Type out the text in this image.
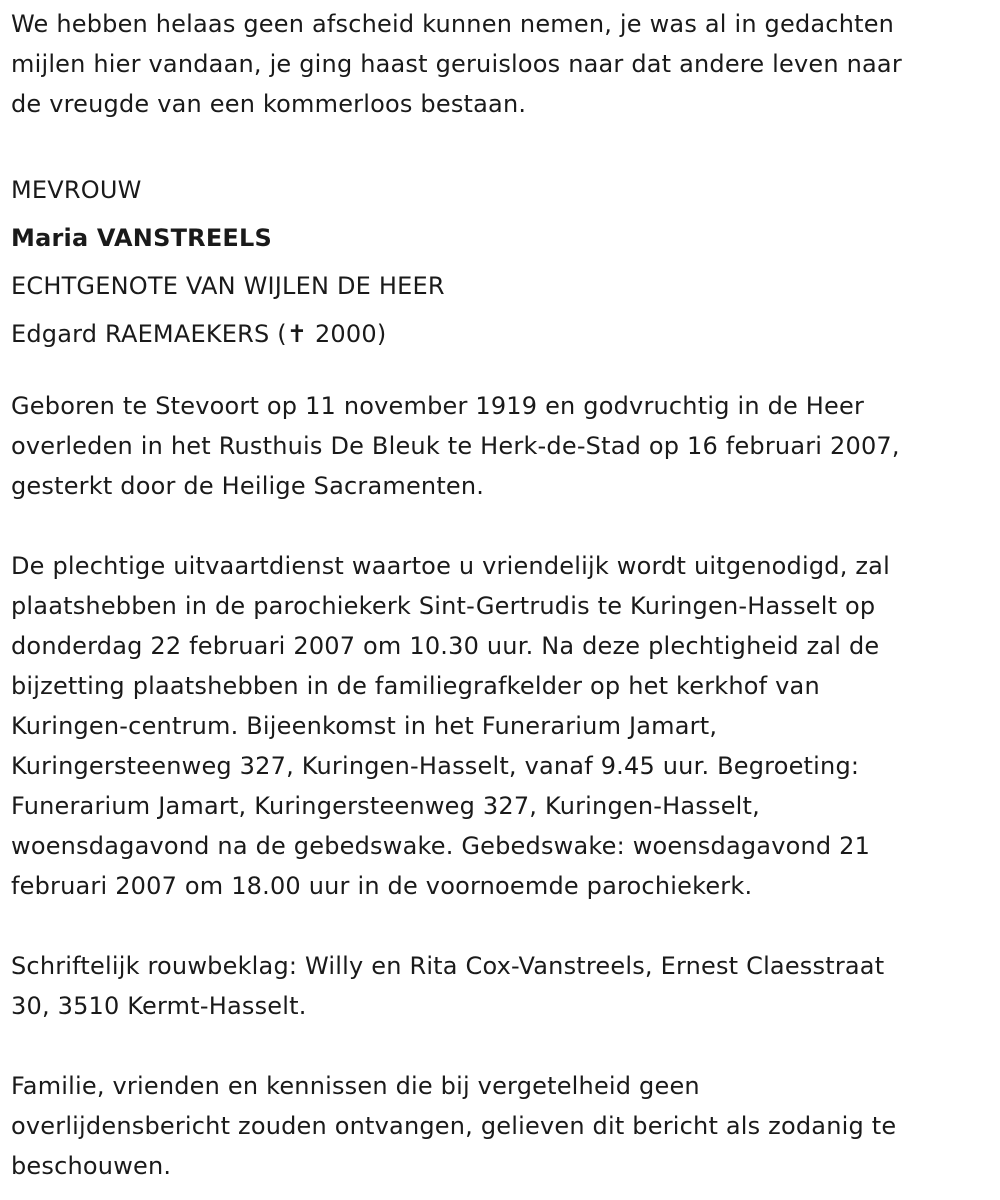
We hebben helaas geen afscheid kunnen nemen, je was al in gedachten
mijlen hier vandaan, je ging haast geruisloos naar dat andere leven naar
de vreugde van een kommerloos bestaan.

MEVROUW
Maria VANSTREELS
ECHTGENOTE VAN WIJLEN DE HEER
Edgard RAEMAEKERS (✝ 2000)

Geboren te Stevoort op 11 november 1919 en godvruchtig in de Heer
overleden in het Rusthuis De Bleuk te Herk-de-Stad op 16 februari 2007,
gesterkt door de Heilige Sacramenten.

De plechtige uitvaartdienst waartoe u vriendelijk wordt uitgenodigd, zal
plaatshebben in de parochiekerk Sint-Gertrudis te Kuringen-Hasselt op
donderdag 22 februari 2007 om 10.30 uur. Na deze plechtigheid zal de
bijzetting plaatshebben in de familiegrafkelder op het kerkhof van
Kuringen-centrum. Bijeenkomst in het Funerarium Jamart,
Kuringersteenweg 327, Kuringen-Hasselt, vanaf 9.45 uur. Begroeting:
Funerarium Jamart, Kuringersteenweg 327, Kuringen-Hasselt,
woensdagavond na de gebedswake. Gebedswake: woensdagavond 21
februari 2007 om 18.00 uur in de voornoemde parochiekerk.

Schriftelijk rouwbeklag: Willy en Rita Cox-Vanstreels, Ernest Claesstraat
30, 3510 Kermt-Hasselt.

Familie, vrienden en kennissen die bij vergetelheid geen
overlijdensbericht zouden ontvangen, gelieven dit bericht als zodanig te
beschouwen.
